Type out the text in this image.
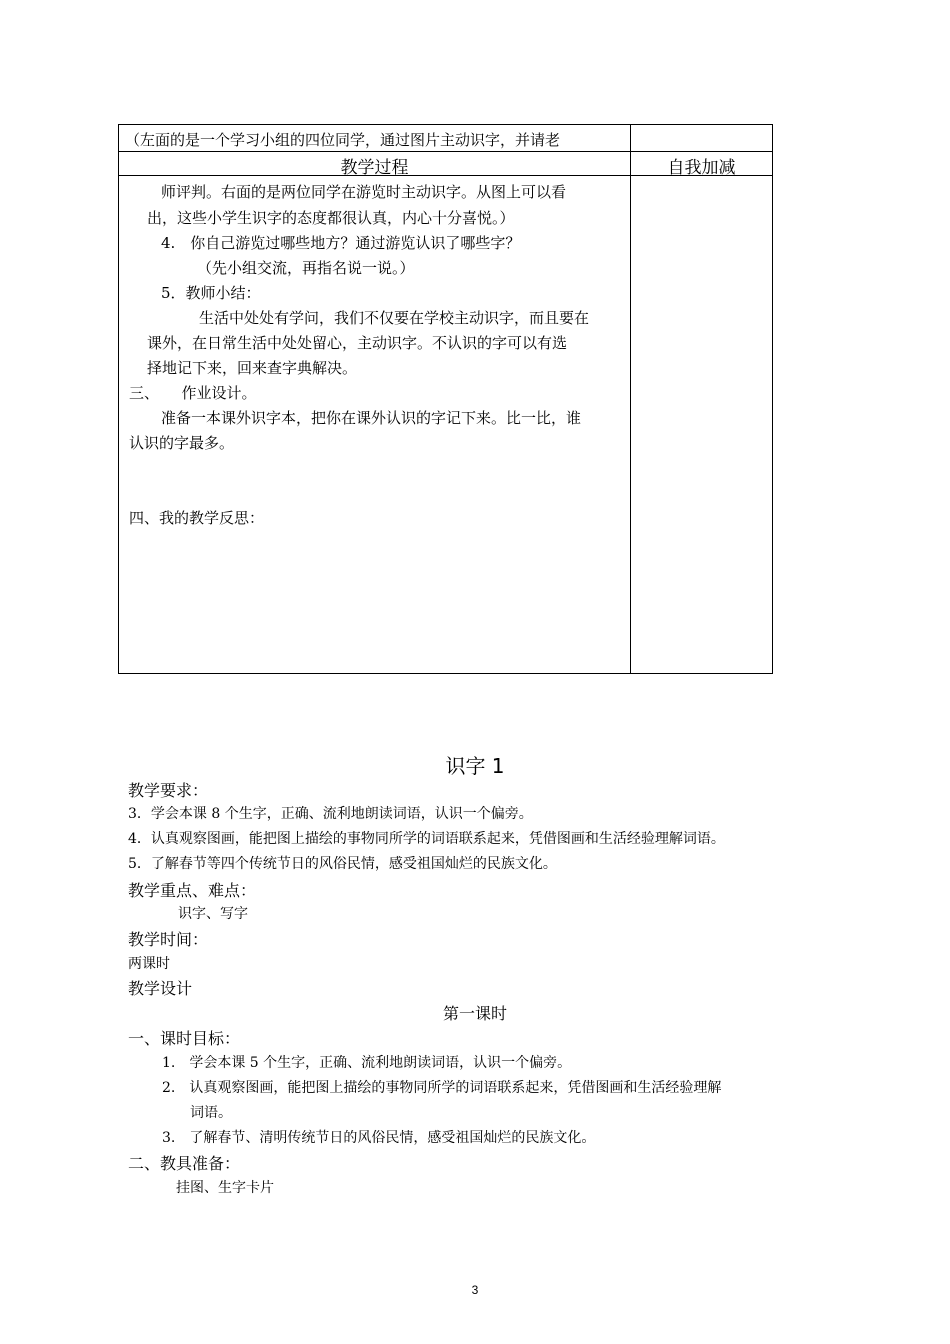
（左面的是一个学习小组的四位同学，通过图片主动识字，并请老
教学过程	自我加减
师评判。右面的是两位同学在游览时主动识字。从图上可以看
出，这些小学生识字的态度都很认真，内心十分喜悦。）
4.　你自己游览过哪些地方？通过游览认识了哪些字？
（先小组交流，再指名说一说。）
5．教师小结：
生活中处处有学问，我们不仅要在学校主动识字，而且要在
课外，在日常生活中处处留心，主动识字。不认识的字可以有选
择地记下来，回来查字典解决。
三、　　作业设计。
准备一本课外识字本，把你在课外认识的字记下来。比一比，谁
认识的字最多。
四、我的教学反思：
识字 1
教学要求：
3．学会本课 8 个生字，正确、流利地朗读词语，认识一个偏旁。
4．认真观察图画，能把图上描绘的事物同所学的词语联系起来，凭借图画和生活经验理解词语。
5．了解春节等四个传统节日的风俗民情，感受祖国灿烂的民族文化。
教学重点、难点：
识字、写字
教学时间：
两课时
教学设计
第一课时
一、课时目标：
1.　学会本课 5 个生字，正确、流利地朗读词语，认识一个偏旁。
2.　认真观察图画，能把图上描绘的事物同所学的词语联系起来，凭借图画和生活经验理解
词语。
3.　了解春节、清明传统节日的风俗民情，感受祖国灿烂的民族文化。
二、教具准备：
挂图、生字卡片
3
